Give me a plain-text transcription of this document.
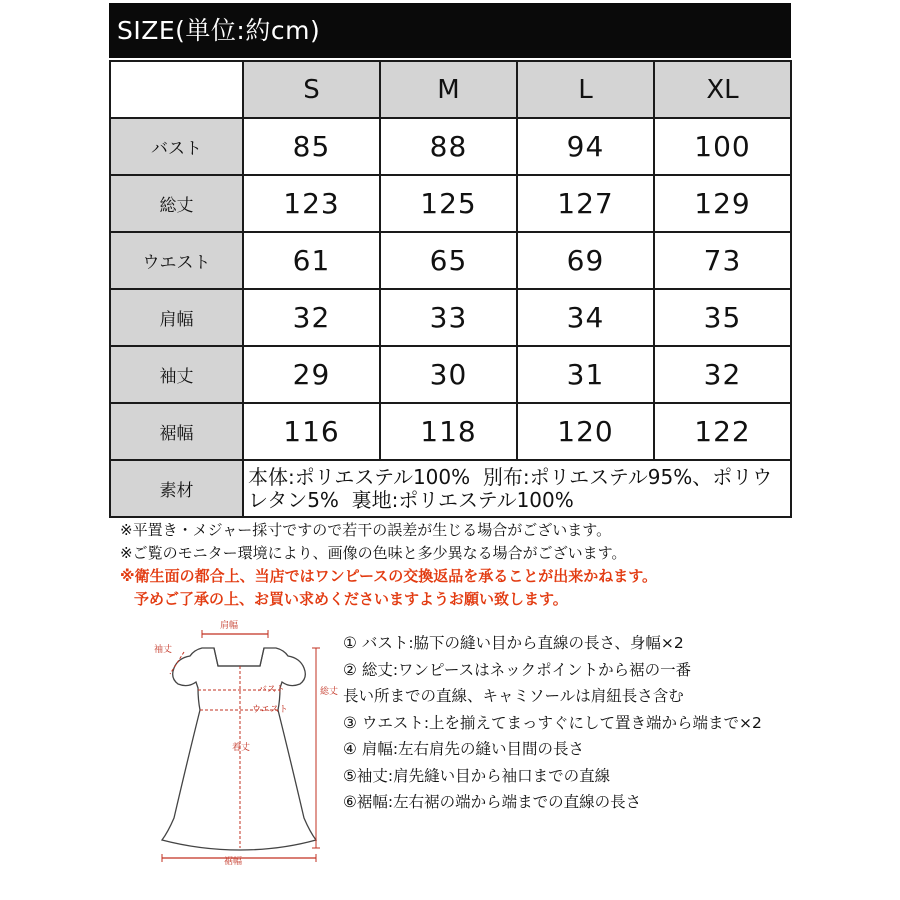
SIZE(単位:約cm)
	S	M	L	XL
バスト	85	88	94	100
総丈	123	125	127	129
ウエスト	61	65	69	73
肩幅	32	33	34	35
袖丈	29	30	31	32
裾幅	116	118	120	122
素材	本体:ポリエステル100%  別布:ポリエステル95%、ポリウ
レタン5%  裏地:ポリエステル100%			
※平置き・メジャー採寸ですので若干の誤差が生じる場合がございます。
※ご覧のモニター環境により、画像の色味と多少異なる場合がございます。
※衛生面の都合上、当店ではワンピースの交換返品を承ることが出来かねます。
予めご了承の上、お買い求めくださいますようお願い致します。
肩幅
袖丈
バスト
ウエスト
総丈
着丈
裾幅
① バスト:脇下の縫い目から直線の長さ、身幅×2
② 総丈:ワンピースはネックポイントから裾の一番
長い所までの直線、キャミソールは肩紐長さ含む
③ ウエスト:上を揃えてまっすぐにして置き端から端まで×2
④ 肩幅:左右肩先の縫い目間の長さ
⑤袖丈:肩先縫い目から袖口までの直線
⑥裾幅:左右裾の端から端までの直線の長さ
